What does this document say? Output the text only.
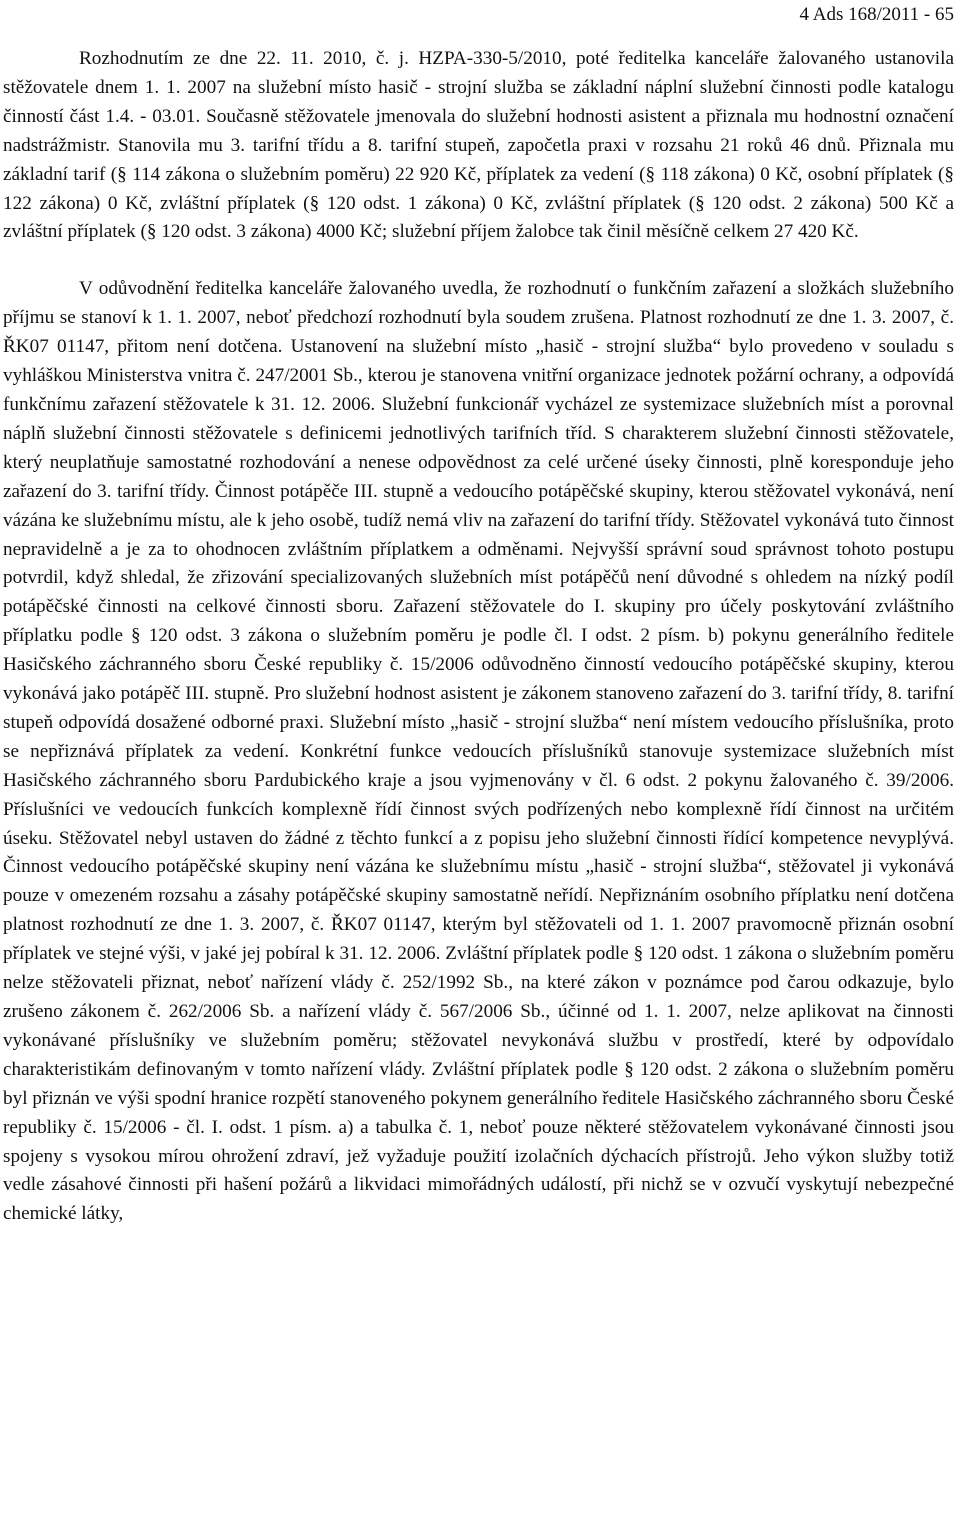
4 Ads 168/2011 - 65

Rozhodnutím ze dne 22. 11. 2010, č. j. HZPA-330-5/2010, poté ředitelka kanceláře žalovaného ustanovila stěžovatele dnem 1. 1. 2007 na služební místo hasič - strojní služba se základní náplní služební činnosti podle katalogu činností část 1.4. - 03.01. Současně stěžovatele jmenovala do služební hodnosti asistent a přiznala mu hodnostní označení nadstrážmistr. Stanovila mu 3. tarifní třídu a 8. tarifní stupeň, započetla praxi v rozsahu 21 roků 46 dnů. Přiznala mu základní tarif (§ 114 zákona o služebním poměru) 22 920 Kč, příplatek za vedení (§ 118 zákona) 0 Kč, osobní příplatek (§ 122 zákona) 0 Kč, zvláštní příplatek (§ 120 odst. 1 zákona) 0 Kč, zvláštní příplatek (§ 120 odst. 2 zákona) 500 Kč a zvláštní příplatek (§ 120 odst. 3 zákona) 4000 Kč; služební příjem žalobce tak činil měsíčně celkem 27 420 Kč.

V odůvodnění ředitelka kanceláře žalovaného uvedla, že rozhodnutí o funkčním zařazení a složkách služebního příjmu se stanoví k 1. 1. 2007, neboť předchozí rozhodnutí byla soudem zrušena. Platnost rozhodnutí ze dne 1. 3. 2007, č. ŘK07 01147, přitom není dotčena. Ustanovení na služební místo „hasič - strojní služba“ bylo provedeno v souladu s vyhláškou Ministerstva vnitra č. 247/2001 Sb., kterou je stanovena vnitřní organizace jednotek požární ochrany, a odpovídá funkčnímu zařazení stěžovatele k 31. 12. 2006. Služební funkcionář vycházel ze systemizace služebních míst a porovnal náplň služební činnosti stěžovatele s definicemi jednotlivých tarifních tříd. S charakterem služební činnosti stěžovatele, který neuplatňuje samostatné rozhodování a nenese odpovědnost za celé určené úseky činnosti, plně koresponduje jeho zařazení do 3. tarifní třídy. Činnost potápěče III. stupně a vedoucího potápěčské skupiny, kterou stěžovatel vykonává, není vázána ke služebnímu místu, ale k jeho osobě, tudíž nemá vliv na zařazení do tarifní třídy. Stěžovatel vykonává tuto činnost nepravidelně a je za to ohodnocen zvláštním příplatkem a odměnami. Nejvyšší správní soud správnost tohoto postupu potvrdil, když shledal, že zřizování specializovaných služebních míst potápěčů není důvodné s ohledem na nízký podíl potápěčské činnosti na celkové činnosti sboru. Zařazení stěžovatele do I. skupiny pro účely poskytování zvláštního příplatku podle § 120 odst. 3 zákona o služebním poměru je podle čl. I odst. 2 písm. b) pokynu generálního ředitele Hasičského záchranného sboru České republiky č. 15/2006 odůvodněno činností vedoucího potápěčské skupiny, kterou vykonává jako potápěč III. stupně. Pro služební hodnost asistent je zákonem stanoveno zařazení do 3. tarifní třídy, 8. tarifní stupeň odpovídá dosažené odborné praxi. Služební místo „hasič - strojní služba“ není místem vedoucího příslušníka, proto se nepřiznává příplatek za vedení. Konkrétní funkce vedoucích příslušníků stanovuje systemizace služebních míst Hasičského záchranného sboru Pardubického kraje a jsou vyjmenovány v čl. 6 odst. 2 pokynu žalovaného č. 39/2006. Příslušníci ve vedoucích funkcích komplexně řídí činnost svých podřízených nebo komplexně řídí činnost na určitém úseku. Stěžovatel nebyl ustaven do žádné z těchto funkcí a z popisu jeho služební činnosti řídící kompetence nevyplývá. Činnost vedoucího potápěčské skupiny není vázána ke služebnímu místu „hasič - strojní služba“, stěžovatel ji vykonává pouze v omezeném rozsahu a zásahy potápěčské skupiny samostatně neřídí. Nepřiznáním osobního příplatku není dotčena platnost rozhodnutí ze dne 1. 3. 2007, č. ŘK07 01147, kterým byl stěžovateli od 1. 1. 2007 pravomocně přiznán osobní příplatek ve stejné výši, v jaké jej pobíral k 31. 12. 2006. Zvláštní příplatek podle § 120 odst. 1 zákona o služebním poměru nelze stěžovateli přiznat, neboť nařízení vlády č. 252/1992 Sb., na které zákon v poznámce pod čarou odkazuje, bylo zrušeno zákonem č. 262/2006 Sb. a nařízení vlády č. 567/2006 Sb., účinné od 1. 1. 2007, nelze aplikovat na činnosti vykonávané příslušníky ve služebním poměru; stěžovatel nevykonává službu v prostředí, které by odpovídalo charakteristikám definovaným v tomto nařízení vlády. Zvláštní příplatek podle § 120 odst. 2 zákona o služebním poměru byl přiznán ve výši spodní hranice rozpětí stanoveného pokynem generálního ředitele Hasičského záchranného sboru České republiky č. 15/2006 - čl. I. odst. 1 písm. a) a tabulka č. 1, neboť pouze některé stěžovatelem vykonávané činnosti jsou spojeny s vysokou mírou ohrožení zdraví, jež vyžaduje použití izolačních dýchacích přístrojů. Jeho výkon služby totiž vedle zásahové činnosti při hašení požárů a likvidaci mimořádných událostí, při nichž se v ozvučí vyskytují nebezpečné chemické látky,
